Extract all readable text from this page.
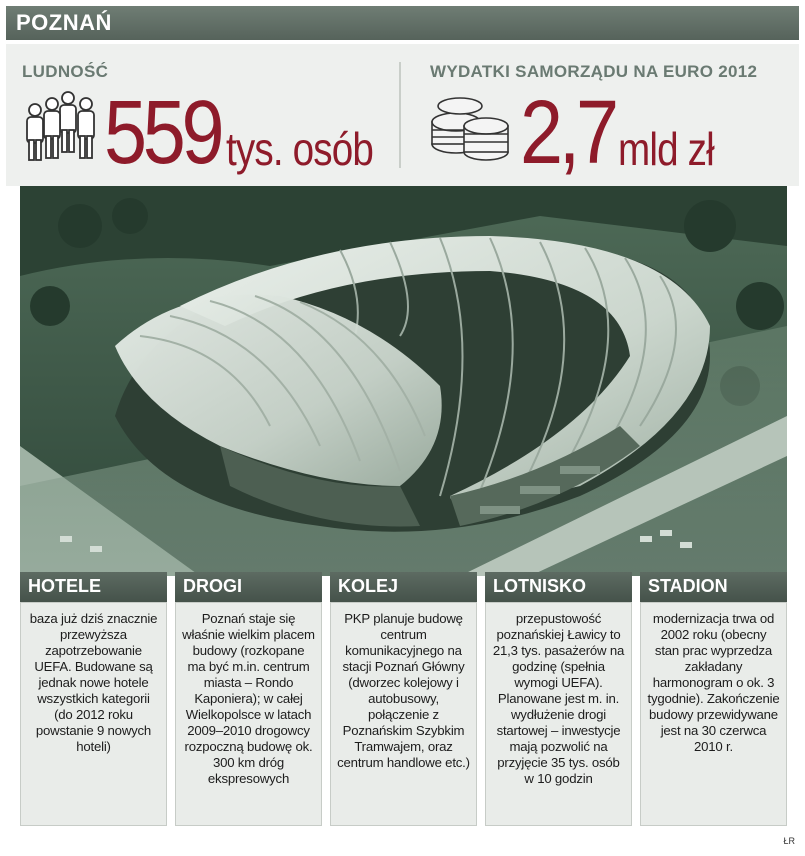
POZNAŃ
LUDNOŚĆ
559 tys. osób
WYDATKI SAMORZĄDU NA EURO 2012
2,7 mld zł
HOTELE
baza już dziś znacznie przewyższa zapotrzebowanie UEFA. Budowane są jednak nowe hotele wszystkich kategorii (do 2012 roku powstanie 9 nowych hoteli)
DROGI
Poznań staje się właśnie wielkim placem budowy (rozkopane ma być m.in. centrum miasta – Rondo Kaponiera); w całej Wielkopolsce w latach 2009–2010 drogowcy rozpoczną budowę ok. 300 km dróg ekspresowych
KOLEJ
PKP planuje budowę centrum komunikacyjnego na stacji Poznań Główny (dworzec kolejowy i autobusowy, połączenie z Poznańskim Szybkim Tramwajem, oraz centrum handlowe etc.)
LOTNISKO
przepustowość poznańskiej Ławicy to 21,3 tys. pasażerów na godzinę (spełnia wymogi UEFA). Planowane jest m. in. wydłużenie drogi startowej – inwestycje mają pozwolić na przyjęcie 35 tys. osób w 10 godzin
STADION
modernizacja trwa od 2002 roku (obecny stan prac wyprzedza zakładany harmonogram o ok. 3 tygodnie). Zakończenie budowy przewidywane jest na 30 czerwca 2010 r.
ŁR
